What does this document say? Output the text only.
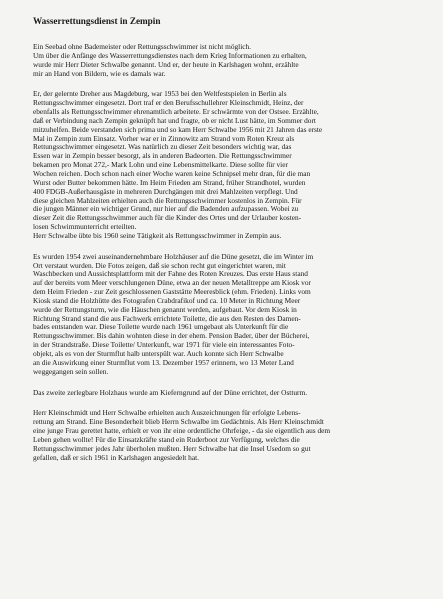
Wasserrettungsdienst in Zempin
Ein Seebad ohne Bademeister oder Rettungsschwimmer ist nicht möglich.
Um über die Anfänge des Wasserrettungsdienstes nach dem Krieg Informationen zu erhalten,
wurde mir Herr Dieter Schwalbe genannt. Und er, der heute in Karlshagen wohnt, erzählte
mir an Hand von Bildern, wie es damals war.
Er, der gelernte Dreher aus Magdeburg, war 1953 bei den Weltfestspielen in Berlin als
Rettungsschwimmer eingesetzt. Dort traf er den Berufsschullehrer Kleinschmidt, Heinz, der
ebenfalls als Rettungsschwimmer ehrenamtlich arbeitete. Er schwärmte von der Ostsee. Erzählte,
daß er Verbindung nach Zempin geknüpft hat und fragte, ob er nicht Lust hätte, im Sommer dort
mitzuhelfen. Beide verstanden sich prima und so kam Herr Schwalbe 1956 mit 21 Jahren das erste
Mal in Zempin zum Einsatz. Vorher war er in Zinnowitz am Strand vom Roten Kreuz als
Rettungsschwimmer eingesetzt. Was natürlich zu dieser Zeit besonders wichtig war, das
Essen war in Zempin besser besorgt, als in anderen Badeorten. Die Rettungsschwimmer
bekamen pro Monat 272,- Mark Lohn und eine Lebensmittelkarte. Diese sollte für vier
Wochen reichen. Doch schon nach einer Woche waren keine Schnipsel mehr dran, für die man
Wurst oder Butter bekommen hätte. Im Heim Frieden am Strand, früher Strandhotel, wurden
400 FDGB-Außerhausgäste in mehreren Durchgängen mit drei Mahlzeiten verpflegt. Und
diese gleichen Mahlzeiten erhielten auch die Rettungsschwimmer kostenlos in Zempin. Für
die jungen Männer ein wichtiger Grund, nur hier auf die Badenden aufzupassen. Wobei zu
dieser Zeit die Rettungsschwimmer auch für die Kinder des Ortes und der Urlauber kosten-
losen Schwimmunterricht erteilten.
Herr Schwalbe übte bis 1960 seine Tätigkeit als Rettungsschwimmer in Zempin aus.
Es wurden 1954 zwei auseinandernehmbare Holzhäuser auf die Düne gesetzt, die im Winter im
Ort verstaut wurden. Die Fotos zeigen, daß sie schon recht gut eingerichtet waren, mit
Waschbecken und Aussichtsplattform mit der Fahne des Roten Kreuzes. Das erste Haus stand
auf der bereits vom Meer verschlungenen Düne, etwa an der neuen Metalltreppe am Kiosk vor
dem Heim Frieden - zur Zeit geschlossenen Gaststätte Meeresblick (ehm. Frieden). Links vom
Kiosk stand die Holzhütte des Fotografen Crabdrafikof und ca. 10 Meter in Richtung Meer
wurde der Rettungsturm, wie die Häuschen genannt werden, aufgebaut. Vor dem Kiosk in
Richtung Strand stand die aus Fachwerk errichtete Toilette, die aus den Resten des Damen-
bades entstanden war. Diese Toilette wurde nach 1961 umgebaut als Unterkunft für die
Rettungsschwimmer. Bis dahin wohnten diese in der ehem. Pension Bader, über der Bücherei,
in der Strandstraße. Diese Toilette/ Unterkunft, war 1971 für viele ein interessantes Foto-
objekt, als es von der Sturmflut halb unterspült war. Auch konnte sich Herr Schwalbe
an die Auswirkung einer Sturmflut vom 13. Dezember 1957 erinnern, wo 13 Meter Land
weggegangen sein sollen.
Das zweite zerlegbare Holzhaus wurde am Kieferngrund auf der Düne errichtet, der Ostturm.
Herr Kleinschmidt und Herr Schwalbe erhielten auch Auszeichnungen für erfolgte Lebens-
rettung am Strand. Eine Besonderheit blieb Herrn Schwalbe im Gedächtnis. Als Herr Kleinschmidt
eine junge Frau gerettet hatte, erhielt er von ihr eine ordentliche Ohrfeige, - da sie eigentlich aus dem
Leben gehen wollte! Für die Einsatzkräfte stand ein Ruderboot zur Verfügung, welches die
Rettungsschwimmer jedes Jahr überholen mußten. Herr Schwalbe hat die Insel Usedom so gut
gefallen, daß er sich 1961 in Karlshagen angesiedelt hat.
